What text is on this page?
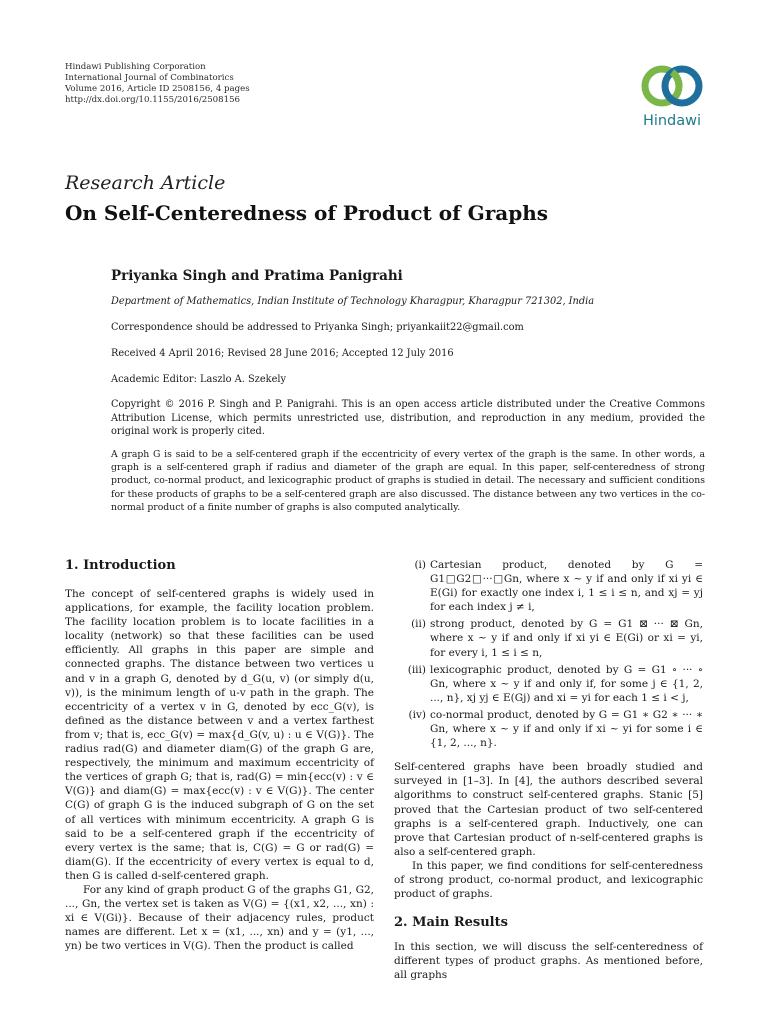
Hindawi Publishing Corporation
International Journal of Combinatorics
Volume 2016, Article ID 2508156, 4 pages
http://dx.doi.org/10.1155/2016/2508156
Hindawi
Research Article
On Self-Centeredness of Product of Graphs
Priyanka Singh and Pratima Panigrahi
Department of Mathematics, Indian Institute of Technology Kharagpur, Kharagpur 721302, India
Correspondence should be addressed to Priyanka Singh; priyankaiit22@gmail.com
Received 4 April 2016; Revised 28 June 2016; Accepted 12 July 2016
Academic Editor: Laszlo A. Szekely
Copyright © 2016 P. Singh and P. Panigrahi. This is an open access article distributed under the Creative Commons Attribution License, which permits unrestricted use, distribution, and reproduction in any medium, provided the original work is properly cited.
A graph G is said to be a self-centered graph if the eccentricity of every vertex of the graph is the same. In other words, a graph is a self-centered graph if radius and diameter of the graph are equal. In this paper, self-centeredness of strong product, co-normal product, and lexicographic product of graphs is studied in detail. The necessary and sufficient conditions for these products of graphs to be a self-centered graph are also discussed. The distance between any two vertices in the co-normal product of a finite number of graphs is also computed analytically.
1. Introduction

The concept of self-centered graphs is widely used in applications, for example, the facility location problem. The facility location problem is to locate facilities in a locality (network) so that these facilities can be used efficiently. All graphs in this paper are simple and connected graphs. The distance between two vertices u and v in a graph G, denoted by d_G(u, v) (or simply d(u, v)), is the minimum length of u-v path in the graph. The eccentricity of a vertex v in G, denoted by ecc_G(v), is defined as the distance between v and a vertex farthest from v; that is, ecc_G(v) = max{d_G(v, u) : u ∈ V(G)}. The radius rad(G) and diameter diam(G) of the graph G are, respectively, the minimum and maximum eccentricity of the vertices of graph G; that is, rad(G) = min{ecc(v) : v ∈ V(G)} and diam(G) = max{ecc(v) : v ∈ V(G)}. The center C(G) of graph G is the induced subgraph of G on the set of all vertices with minimum eccentricity. A graph G is said to be a self-centered graph if the eccentricity of every vertex is the same; that is, C(G) = G or rad(G) = diam(G). If the eccentricity of every vertex is equal to d, then G is called d-self-centered graph.

For any kind of graph product G of the graphs G1, G2, ..., Gn, the vertex set is taken as V(G) = {(x1, x2, ..., xn) : xi ∈ V(Gi)}. Because of their adjacency rules, product names are different. Let x = (x1, ..., xn) and y = (y1, ..., yn) be two vertices in V(G). Then the product is called

(i) Cartesian product, denoted by G = G1□G2□···□Gn, where x ~ y if and only if xi yi ∈ E(Gi) for exactly one index i, 1 ≤ i ≤ n, and xj = yj for each index j ≠ i,

(ii) strong product, denoted by G = G1 ⊠ ··· ⊠ Gn, where x ~ y if and only if xi yi ∈ E(Gi) or xi = yi, for every i, 1 ≤ i ≤ n,

(iii) lexicographic product, denoted by G = G1 ∘ ··· ∘ Gn, where x ~ y if and only if, for some j ∈ {1, 2, ..., n}, xj yj ∈ E(Gj) and xi = yi for each 1 ≤ i < j,

(iv) co-normal product, denoted by G = G1 ∗ G2 ∗ ··· ∗ Gn, where x ~ y if and only if xi ~ yi for some i ∈ {1, 2, ..., n}.

Self-centered graphs have been broadly studied and surveyed in [1–3]. In [4], the authors described several algorithms to construct self-centered graphs. Stanic [5] proved that the Cartesian product of two self-centered graphs is a self-centered graph. Inductively, one can prove that Cartesian product of n-self-centered graphs is also a self-centered graph.

In this paper, we find conditions for self-centeredness of strong product, co-normal product, and lexicographic product of graphs.

2. Main Results

In this section, we will discuss the self-centeredness of different types of product graphs. As mentioned before, all graphs
